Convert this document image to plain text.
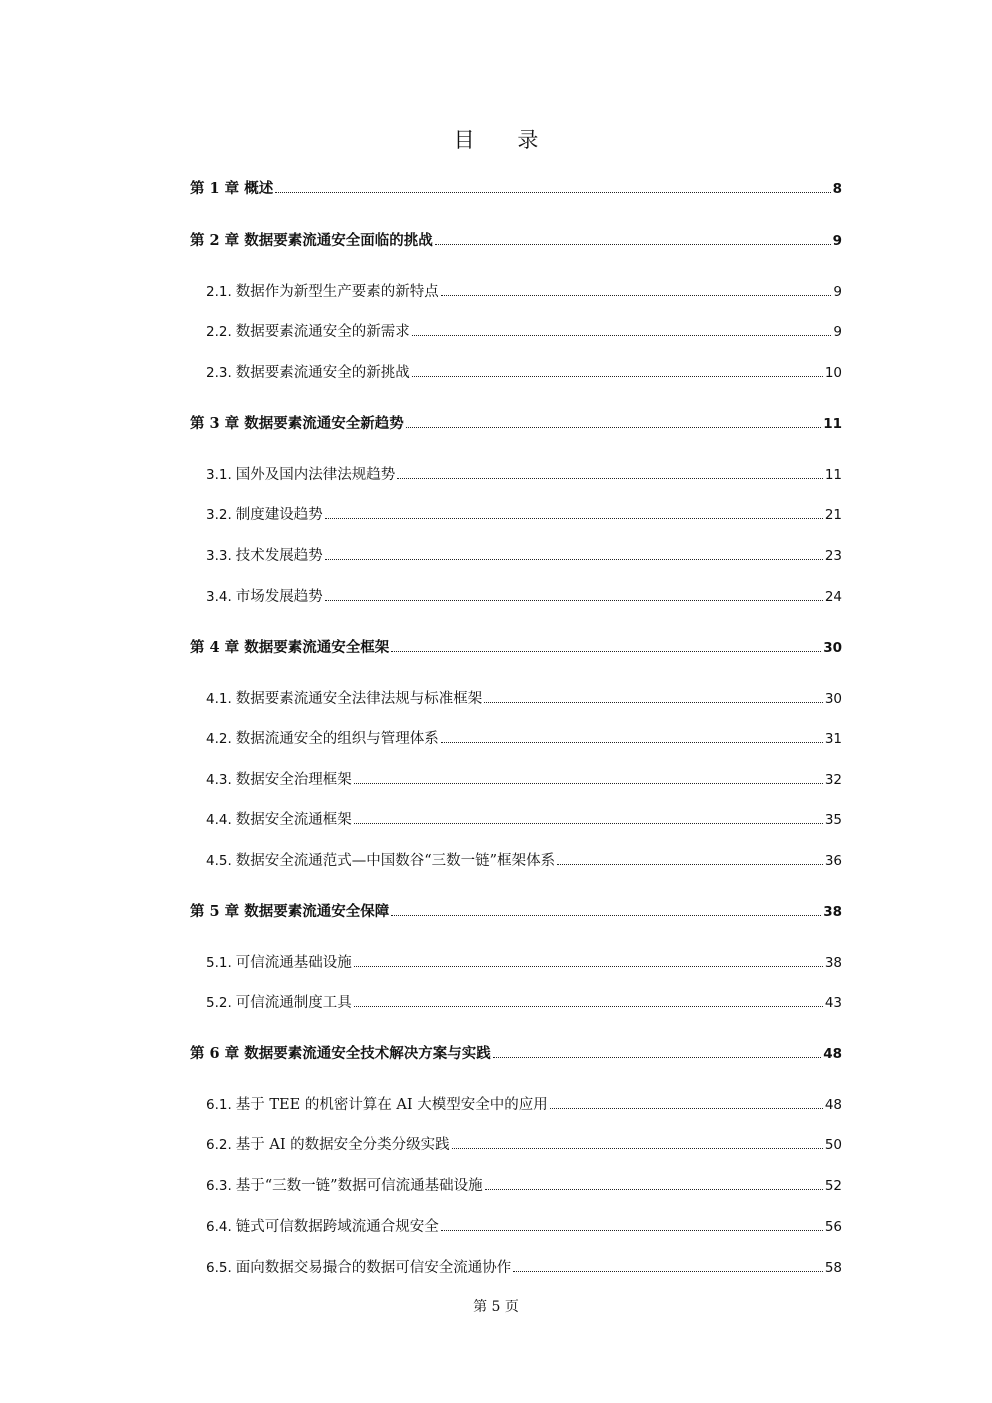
目 录
第 1 章 概述	8
第 2 章 数据要素流通安全面临的挑战	9
2.1. 数据作为新型生产要素的新特点	9
2.2. 数据要素流通安全的新需求	9
2.3. 数据要素流通安全的新挑战	10
第 3 章 数据要素流通安全新趋势	11
3.1. 国外及国内法律法规趋势	11
3.2. 制度建设趋势	21
3.3. 技术发展趋势	23
3.4. 市场发展趋势	24
第 4 章 数据要素流通安全框架	30
4.1. 数据要素流通安全法律法规与标准框架	30
4.2. 数据流通安全的组织与管理体系	31
4.3. 数据安全治理框架	32
4.4. 数据安全流通框架	35
4.5. 数据安全流通范式—中国数谷“三数一链”框架体系	36
第 5 章 数据要素流通安全保障	38
5.1. 可信流通基础设施	38
5.2. 可信流通制度工具	43
第 6 章 数据要素流通安全技术解决方案与实践	48
6.1. 基于 TEE 的机密计算在 AI 大模型安全中的应用	48
6.2. 基于 AI 的数据安全分类分级实践	50
6.3. 基于“三数一链”数据可信流通基础设施	52
6.4. 链式可信数据跨域流通合规安全	56
6.5. 面向数据交易撮合的数据可信安全流通协作	58
第 5 页
